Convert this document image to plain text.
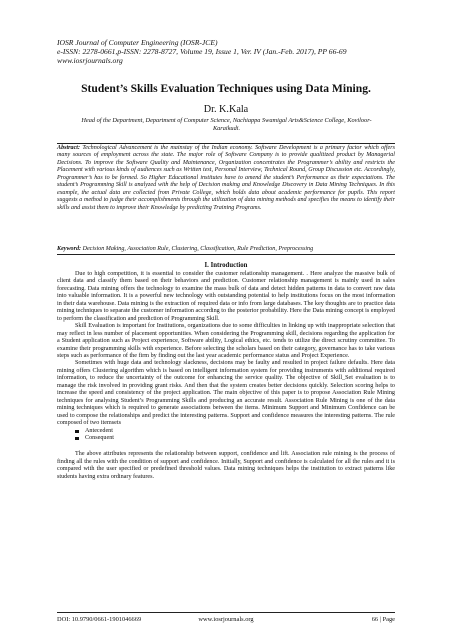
IOSR Journal of Computer Engineering (IOSR-JCE)
e-ISSN: 2278-0661,p-ISSN: 2278-8727, Volume 19, Issue 1, Ver. IV (Jan.-Feb. 2017), PP 66-69
www.iosrjournals.org
Student’s Skills Evaluation Techniques using Data Mining.
Dr. K.Kala
Head of the Department, Department of Computer Science, Nachiappa Swamigal Arts&Science College, Koviloor-Karaikudi.
Abstract: Technological Advancement is the mainstay of the Indian economy. Software Development is a primary factor which offers many sources of employment across the state. The major role of Software Company is to provide qualitized product by Managerial Decisions. To improve the Software Quality and Maintenance, Organization concentrates the Programmer’s ability and restricts the Placement with various kinds of audiences such as Written test, Personal Interview, Technical Round, Group Discussion etc. Accordingly, Programmer’s has to be formed. So Higher Educational institutes have to amend the student’s Performance as their expectations. The student’s Programming Skill is analyzed with the help of Decision making and Knowledge Discovery in Data Mining Techniques. In this example, the actual data are collected from Private College, which holds data about academic performance for pupils. This report suggests a method to judge their accomplishments through the utilization of data mining methods and specifies the means to identify their skills and assist them to improve their Knowledge by predicting Training Programs.
Keyword: Decision Making, Association Rule, Clustering, Classification, Rule Prediction, Preprocessing
I. Introduction

Due to high competition, it is essential to consider the customer relationship management. . Here analyze the massive bulk of client data and classify them based on their behaviors and prediction. Customer relationship management is mainly used in sales forecasting. Data mining offers the technology to examine the mass bulk of data and detect hidden patterns in data to convert raw data into valuable information. It is a powerful new technology with outstanding potential to help institutions focus on the most information in their data warehouse. Data mining is the extraction of required data or info from large databases. The key thoughts are to practice data mining techniques to separate the customer information according to the posterior probability. Here the Data mining concept is employed to perform the classification and prediction of Programming Skill.

Skill Evaluation is important for Institutions, organizations due to some difficulties in linking up with inappropriate selection that may reflect in less number of placement opportunities. When considering the Programming skill, decisions regarding the application for a Student application such as Project experience, Software ability, Logical ethics, etc. tends to utilize the direct scrutiny committee. To examine their programming skills with experience. Before selecting the scholars based on their category, governance has to take various steps such as performance of the firm by finding out the last year academic performance status and Project Experience.

Sometimes with huge data and technology slackness, decisions may be faulty and resulted in project failure defaults. Here data mining offers Clustering algorithm which is based on intelligent information system for providing instruments with additional required information, to reduce the uncertainty of the outcome for enhancing the service quality. The objective of Skill_Set evaluation is to manage the risk involved in providing grant risks. And then that the system creates better decisions quickly. Selection scoring helps to increase the speed and consistency of the project application. The main objective of this paper is to propose Association Rule Mining techniques for analysing Student’s Programming Skills and producing an accurate result. Association Rule Mining is one of the data mining techniques which is required to generate associations between the items. Minimum Support and Minimum Confidence can be used to compose the relationships and predict the interesting patterns. Support and confidence measures the interesting patterns. The rule composed of two itemsets

Antecedent
Consequent

The above attributes represents the relationship between support, confidence and lift. Association rule mining is the process of finding all the rules with the condition of support and confidence. Initially, Support and confidence is calculated for all the rules and it is compared with the user specified or predefined threshold values. Data mining techniques helps the institution to extract patterns like students having extra ordinary features.

DOI: 10.9790/0661-1901046669	www.iosrjournals.org	66 | Page
